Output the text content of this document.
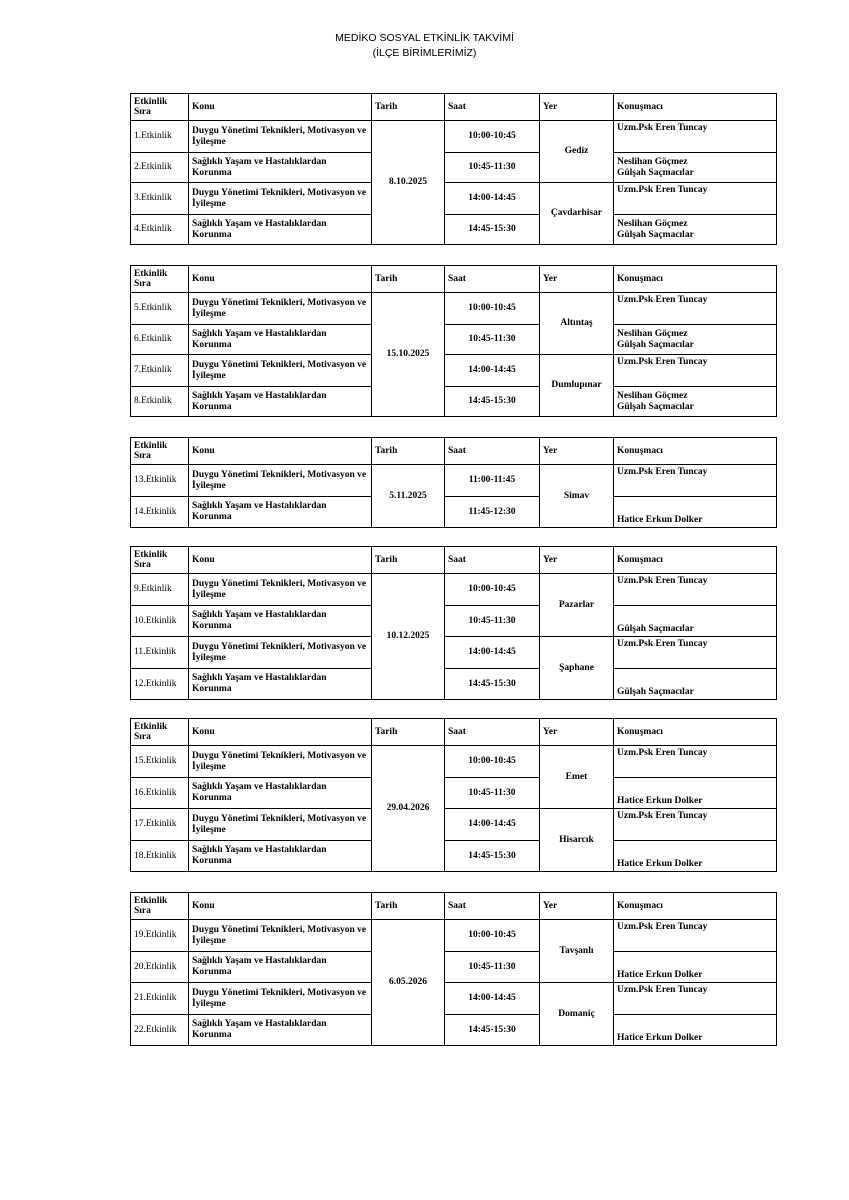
MEDİKO SOSYAL ETKİNLİK TAKVİMİ
(İLÇE BİRİMLERİMİZ)
Etkinlik Sıra	Konu	Tarih	Saat	Yer	Konuşmacı
1.Etkinlik	Duygu Yönetimi Teknikleri, Motivasyon ve İyileşme	8.10.2025	10:00-10:45	Gediz	Uzm.Psk Eren Tuncay

2.Etkinlik	Sağlıklı Yaşam ve Hastalıklardan Korunma		10:45-11:30		Neslihan Göçmez
Gülşah Saçmacılar

3.Etkinlik	Duygu Yönetimi Teknikleri, Motivasyon ve İyileşme		14:00-14:45	Çavdarhisar	Uzm.Psk Eren Tuncay

4.Etkinlik	Sağlıklı Yaşam ve Hastalıklardan Korunma		14:45-15:30		Neslihan Göçmez
Gülşah Saçmacılar
Etkinlik Sıra	Konu	Tarih	Saat	Yer	Konuşmacı
5.Etkinlik	Duygu Yönetimi Teknikleri, Motivasyon ve İyileşme	15.10.2025	10:00-10:45	Altıntaş	Uzm.Psk Eren Tuncay

6.Etkinlik	Sağlıklı Yaşam ve Hastalıklardan Korunma		10:45-11:30		Neslihan Göçmez
Gülşah Saçmacılar

7.Etkinlik	Duygu Yönetimi Teknikleri, Motivasyon ve İyileşme		14:00-14:45	Dumlupınar	Uzm.Psk Eren Tuncay

8.Etkinlik	Sağlıklı Yaşam ve Hastalıklardan Korunma		14:45-15:30		Neslihan Göçmez
Gülşah Saçmacılar
Etkinlik Sıra	Konu	Tarih	Saat	Yer	Konuşmacı
13.Etkinlik	Duygu Yönetimi Teknikleri, Motivasyon ve İyileşme	5.11.2025	11:00-11:45	Simav	Uzm.Psk Eren Tuncay

14.Etkinlik	Sağlıklı Yaşam ve Hastalıklardan Korunma		11:45-12:30		Hatice Erkun Dolker
Etkinlik Sıra	Konu	Tarih	Saat	Yer	Konuşmacı
9.Etkinlik	Duygu Yönetimi Teknikleri, Motivasyon ve İyileşme	10.12.2025	10:00-10:45	Pazarlar	Uzm.Psk Eren Tuncay

10.Etkinlik	Sağlıklı Yaşam ve Hastalıklardan Korunma		10:45-11:30		Gülşah Saçmacılar

11.Etkinlik	Duygu Yönetimi Teknikleri, Motivasyon ve İyileşme		14:00-14:45	Şaphane	Uzm.Psk Eren Tuncay

12.Etkinlik	Sağlıklı Yaşam ve Hastalıklardan Korunma		14:45-15:30		Gülşah Saçmacılar
Etkinlik Sıra	Konu	Tarih	Saat	Yer	Konuşmacı
15.Etkinlik	Duygu Yönetimi Teknikleri, Motivasyon ve İyileşme	29.04.2026	10:00-10:45	Emet	Uzm.Psk Eren Tuncay

16.Etkinlik	Sağlıklı Yaşam ve Hastalıklardan Korunma		10:45-11:30		Hatice Erkun Dolker

17.Etkinlik	Duygu Yönetimi Teknikleri, Motivasyon ve İyileşme		14:00-14:45	Hisarcık	Uzm.Psk Eren Tuncay

18.Etkinlik	Sağlıklı Yaşam ve Hastalıklardan Korunma		14:45-15:30		Hatice Erkun Dolker
Etkinlik Sıra	Konu	Tarih	Saat	Yer	Konuşmacı
19.Etkinlik	Duygu Yönetimi Teknikleri, Motivasyon ve İyileşme	6.05.2026	10:00-10:45	Tavşanlı	Uzm.Psk Eren Tuncay

20.Etkinlik	Sağlıklı Yaşam ve Hastalıklardan Korunma		10:45-11:30		Hatice Erkun Dolker

21.Etkinlik	Duygu Yönetimi Teknikleri, Motivasyon ve İyileşme		14:00-14:45	Domaniç	Uzm.Psk Eren Tuncay

22.Etkinlik	Sağlıklı Yaşam ve Hastalıklardan Korunma		14:45-15:30		Hatice Erkun Dolker
